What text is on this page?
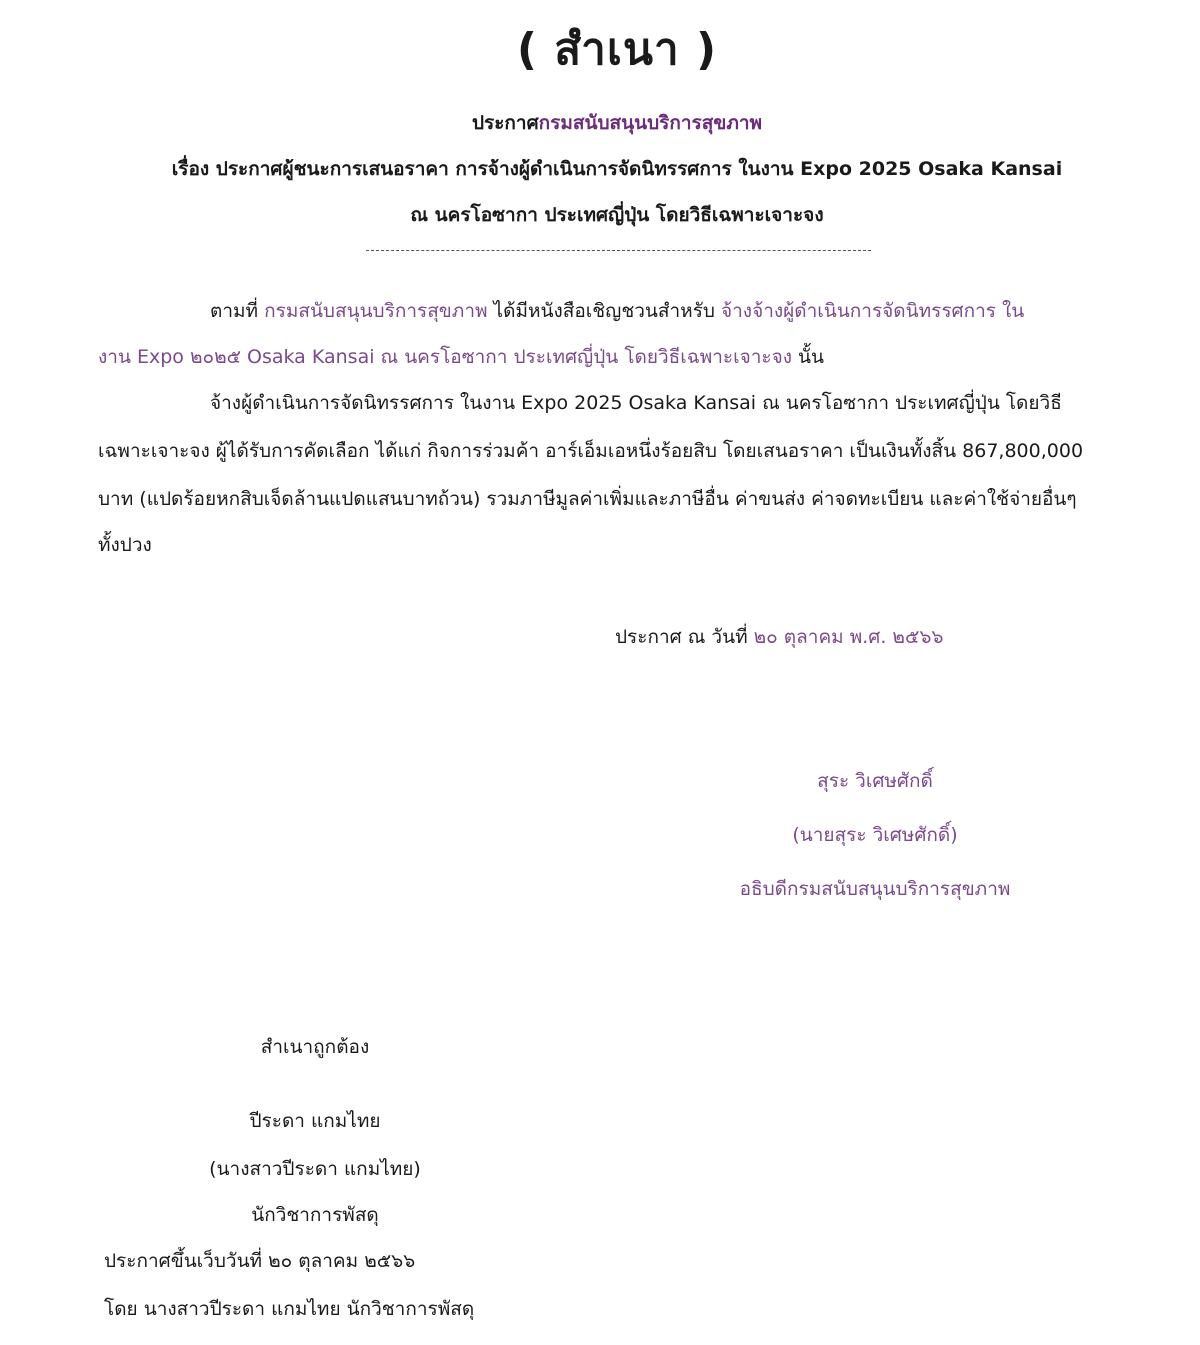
( สำเนา )
ประกาศกรมสนับสนุนบริการสุขภาพ
เรื่อง ประกาศผู้ชนะการเสนอราคา การจ้างผู้ดำเนินการจัดนิทรรศการ ในงาน Expo 2025 Osaka Kansai
ณ นครโอซากา ประเทศญี่ปุ่น โดยวิธีเฉพาะเจาะจง
ตามที่ กรมสนับสนุนบริการสุขภาพ ได้มีหนังสือเชิญชวนสำหรับ จ้างจ้างผู้ดำเนินการจัดนิทรรศการ ใน
งาน Expo ๒๐๒๕ Osaka Kansai ณ นครโอซากา ประเทศญี่ปุ่น โดยวิธีเฉพาะเจาะจง นั้น
จ้างผู้ดำเนินการจัดนิทรรศการ ในงาน Expo 2025 Osaka Kansai ณ นครโอซากา ประเทศญี่ปุ่น โดยวิธี
เฉพาะเจาะจง ผู้ได้รับการคัดเลือก ได้แก่ กิจการร่วมค้า อาร์เอ็มเอหนึ่งร้อยสิบ โดยเสนอราคา เป็นเงินทั้งสิ้น 867,800,000
บาท (แปดร้อยหกสิบเจ็ดล้านแปดแสนบาทถ้วน) รวมภาษีมูลค่าเพิ่มและภาษีอื่น ค่าขนส่ง ค่าจดทะเบียน และค่าใช้จ่ายอื่นๆ
ทั้งปวง
ประกาศ ณ วันที่ ๒๐ ตุลาคม พ.ศ. ๒๕๖๖
สุระ วิเศษศักดิ์
(นายสุระ วิเศษศักดิ์)
อธิบดีกรมสนับสนุนบริการสุขภาพ
สำเนาถูกต้อง
ปีระดา แกมไทย
(นางสาวปีระดา แกมไทย)
นักวิชาการพัสดุ
ประกาศขึ้นเว็บวันที่ ๒๐ ตุลาคม ๒๕๖๖
โดย นางสาวปีระดา แกมไทย นักวิชาการพัสดุ
